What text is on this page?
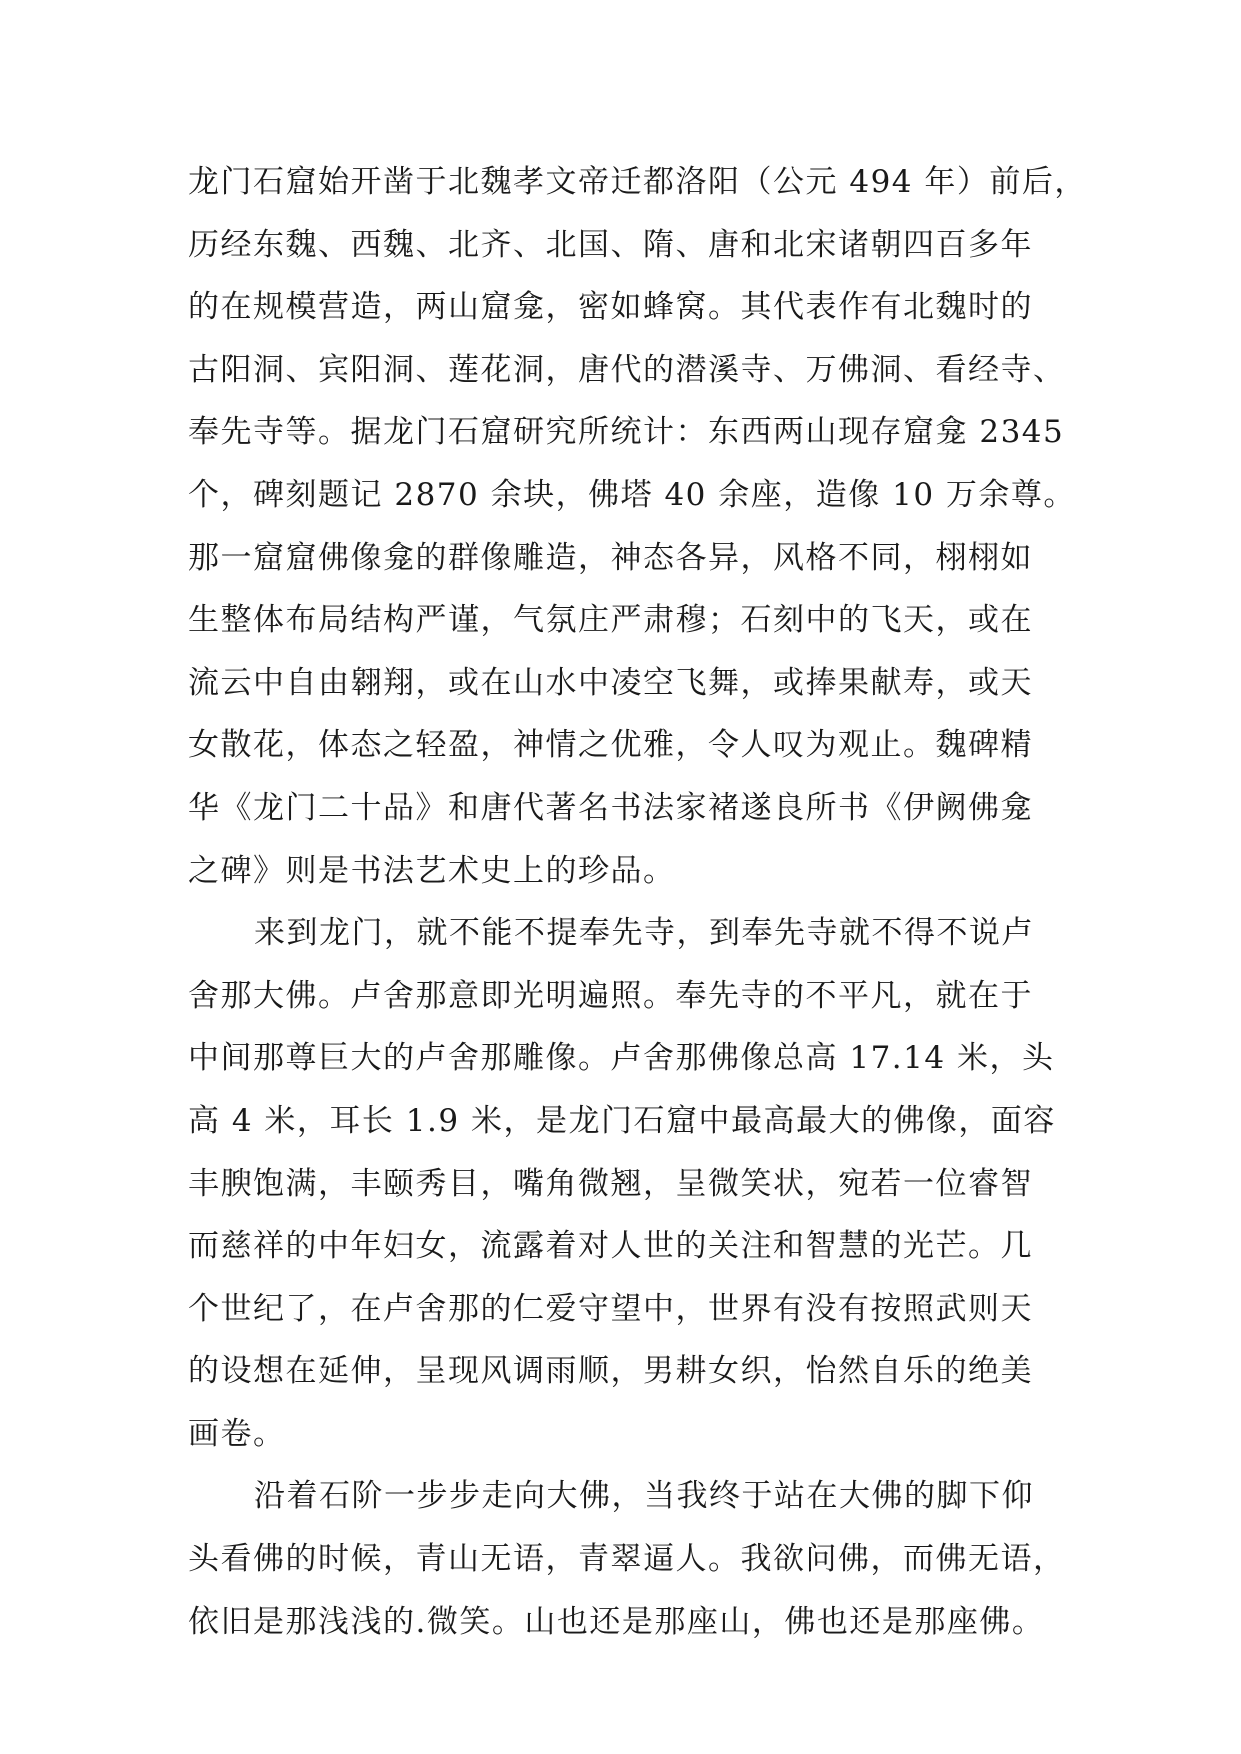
龙门石窟始开凿于北魏孝文帝迁都洛阳（公元 494 年）前后，
历经东魏、西魏、北齐、北国、隋、唐和北宋诸朝四百多年
的在规模营造，两山窟龛，密如蜂窝。其代表作有北魏时的
古阳洞、宾阳洞、莲花洞，唐代的潜溪寺、万佛洞、看经寺、
奉先寺等。据龙门石窟研究所统计：东西两山现存窟龛 2345
个，碑刻题记 2870 余块，佛塔 40 余座，造像 10 万余尊。
那一窟窟佛像龛的群像雕造，神态各异，风格不同，栩栩如
生整体布局结构严谨，气氛庄严肃穆；石刻中的飞天，或在
流云中自由翱翔，或在山水中凌空飞舞，或捧果献寿，或天
女散花，体态之轻盈，神情之优雅，令人叹为观止。魏碑精
华《龙门二十品》和唐代著名书法家褚遂良所书《伊阙佛龛
之碑》则是书法艺术史上的珍品。
来到龙门，就不能不提奉先寺，到奉先寺就不得不说卢
舍那大佛。卢舍那意即光明遍照。奉先寺的不平凡，就在于
中间那尊巨大的卢舍那雕像。卢舍那佛像总高 17.14 米，头
高 4 米，耳长 1.9 米，是龙门石窟中最高最大的佛像，面容
丰腴饱满，丰颐秀目，嘴角微翘，呈微笑状，宛若一位睿智
而慈祥的中年妇女，流露着对人世的关注和智慧的光芒。几
个世纪了，在卢舍那的仁爱守望中，世界有没有按照武则天
的设想在延伸，呈现风调雨顺，男耕女织，怡然自乐的绝美
画卷。
沿着石阶一步步走向大佛，当我终于站在大佛的脚下仰
头看佛的时候，青山无语，青翠逼人。我欲问佛，而佛无语，
依旧是那浅浅的.微笑。山也还是那座山，佛也还是那座佛。
